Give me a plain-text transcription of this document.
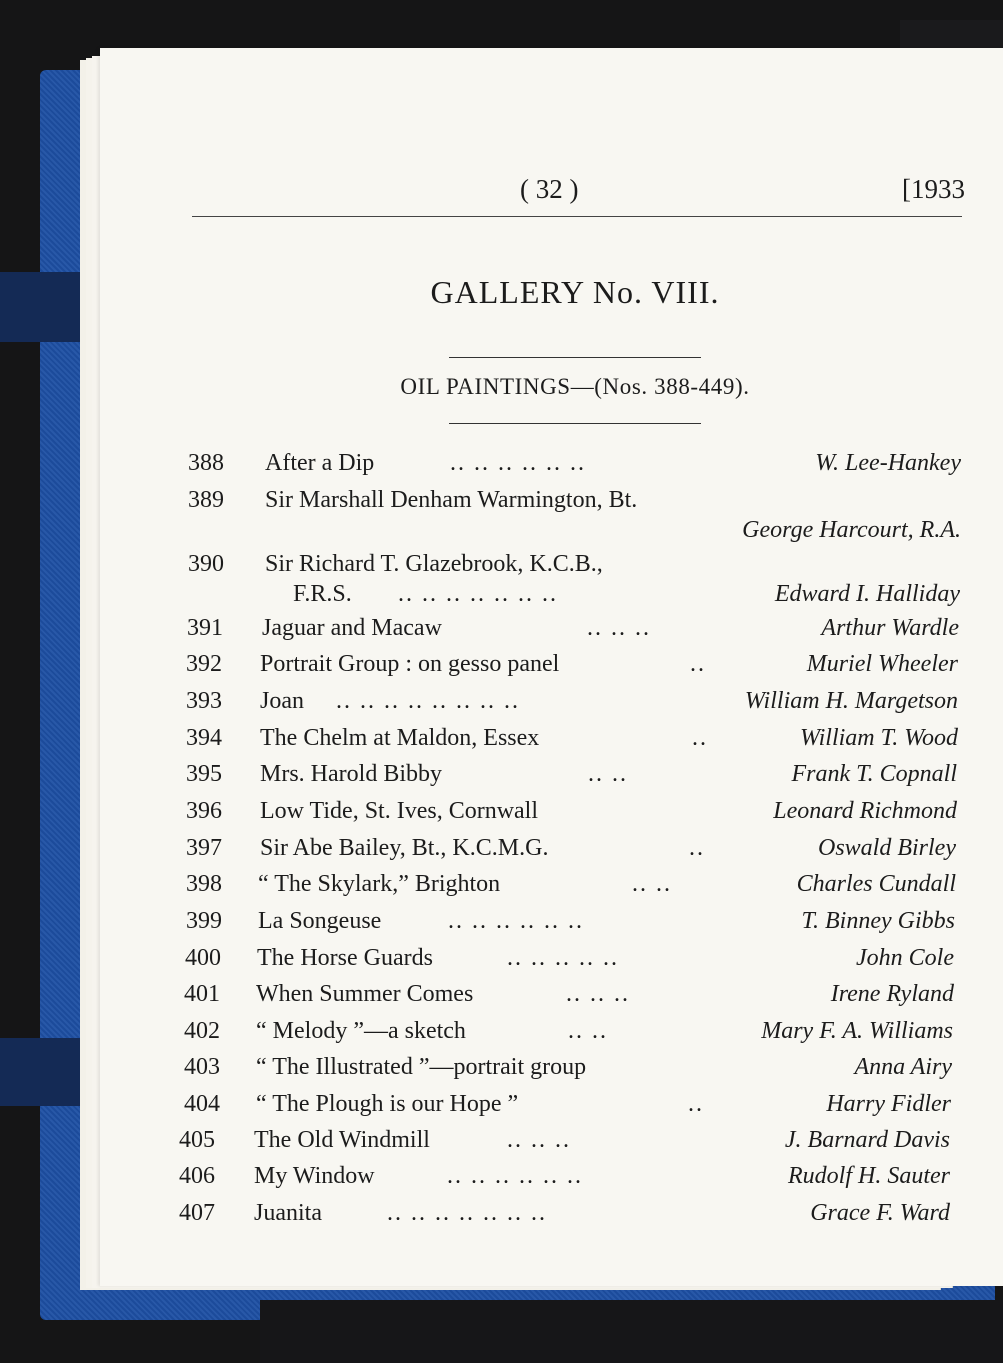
( 32 )	[1933
GALLERY No. VIII.
OIL PAINTINGS—(Nos. 388-449).
388 After a Dip	.. .. .. .. .. ..	W. Lee-Hankey
389 Sir Marshall Denham Warmington, Bt.
George Harcourt, R.A.
390 Sir Richard T. Glazebrook, K.C.B.,
F.R.S. .. .. .. .. .. .. ..	Edward I. Halliday
391 Jaguar and Macaw	.. .. ..	Arthur Wardle
392 Portrait Group : on gesso panel	..	Muriel Wheeler
393 Joan .. .. .. .. .. .. .. ..	William H. Margetson
394 The Chelm at Maldon, Essex	..	William T. Wood
395 Mrs. Harold Bibby	.. ..	Frank T. Copnall
396 Low Tide, St. Ives, Cornwall	Leonard Richmond
397 Sir Abe Bailey, Bt., K.C.M.G.	..	Oswald Birley
398 “ The Skylark,” Brighton	.. ..	Charles Cundall
399 La Songeuse	.. .. .. .. .. ..	T. Binney Gibbs
400 The Horse Guards	.. .. .. .. ..	John Cole
401 When Summer Comes	.. .. ..	Irene Ryland
402 “ Melody ”—a sketch	.. ..	Mary F. A. Williams
403 “ The Illustrated ”—portrait group	Anna Airy
404 “ The Plough is our Hope ”	..	Harry Fidler
405 The Old Windmill	.. .. ..	J. Barnard Davis
406 My Window	.. .. .. .. .. ..	Rudolf H. Sauter
407 Juanita	.. .. .. .. .. .. ..	Grace F. Ward
